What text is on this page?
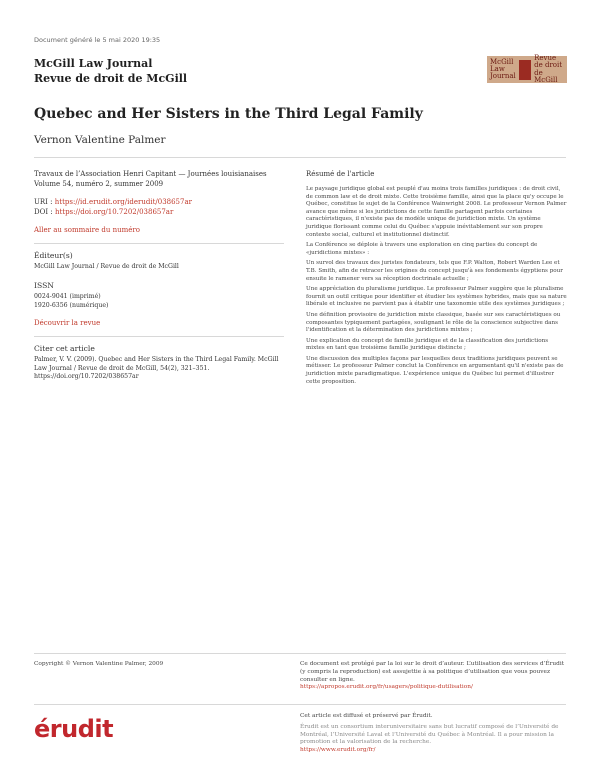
Document généré le 5 mai 2020 19:35
McGill Law Journal
Revue de droit de McGill
McGill Law Journal
Revue de droit de McGill
Quebec and Her Sisters in the Third Legal Family
Vernon Valentine Palmer
Travaux de l’Association Henri Capitant — Journées louisianaises
Volume 54, numéro 2, summer 2009
URI : https://id.erudit.org/iderudit/038657ar
DOI : https://doi.org/10.7202/038657ar
Aller au sommaire du numéro
Éditeur(s)
McGill Law Journal / Revue de droit de McGill
ISSN
0024-9041 (imprimé)
1920-6356 (numérique)
Découvrir la revue
Citer cet article
Palmer, V. V. (2009). Quebec and Her Sisters in the Third Legal Family. McGill Law Journal / Revue de droit de McGill, 54(2), 321–351. https://doi.org/10.7202/038657ar
Résumé de l'article

Le paysage juridique global est peuplé d'au moins trois familles juridiques : de droit civil, de common law et de droit mixte. Cette troisième famille, ainsi que la place qu'y occupe le Québec, constitue le sujet de la Conférence Wainwright 2008. Le professeur Vernon Palmer avance que même si les juridictions de cette famille partagent parfois certaines caractéristiques, il n'existe pas de modèle unique de juridiction mixte. Un système juridique florissant comme celui du Québec s'appuie inévitablement sur son propre contexte social, culturel et institutionnel distinctif.

La Conférence se déploie à travers une exploration en cinq parties du concept de «juridictions mixtes» :

Un survol des travaux des juristes fondateurs, tels que F.P. Walton, Robert Warden Lee et T.B. Smith, afin de retracer les origines du concept jusqu'à ses fondements égyptiens pour ensuite le ramener vers sa réception doctrinale actuelle ;

Une appréciation du pluralisme juridique. Le professeur Palmer suggère que le pluralisme fournit un outil critique pour identifier et étudier les systèmes hybrides, mais que sa nature libérale et inclusive ne parvient pas à établir une taxonomie utile des systèmes juridiques ;

Une définition provisoire de juridiction mixte classique, basée sur ses caractéristiques ou composantes typiquement partagées, soulignant le rôle de la conscience subjective dans l'identification et la détermination des juridictions mixtes ;

Une explication du concept de famille juridique et de la classification des juridictions mixtes en tant que troisième famille juridique distincte ;

Une discussion des multiples façons par lesquelles deux traditions juridiques peuvent se métisser. Le professeur Palmer conclut la Conférence en argumentant qu'il n'existe pas de juridiction mixte paradigmatique. L'expérience unique du Québec lui permet d'illustrer cette proposition.

Copyright © Vernon Valentine Palmer, 2009	Ce document est protégé par la loi sur le droit d’auteur. L’utilisation des services d’Érudit (y compris la reproduction) est assujettie à sa politique d’utilisation que vous pouvez consulter en ligne.
https://apropos.erudit.org/fr/usagers/politique-dutilisation/
érudit	Cet article est diffusé et préservé par Érudit.
Érudit est un consortium interuniversitaire sans but lucratif composé de l’Université de Montréal, l’Université Laval et l’Université du Québec à Montréal. Il a pour mission la promotion et la valorisation de la recherche.
https://www.erudit.org/fr/
